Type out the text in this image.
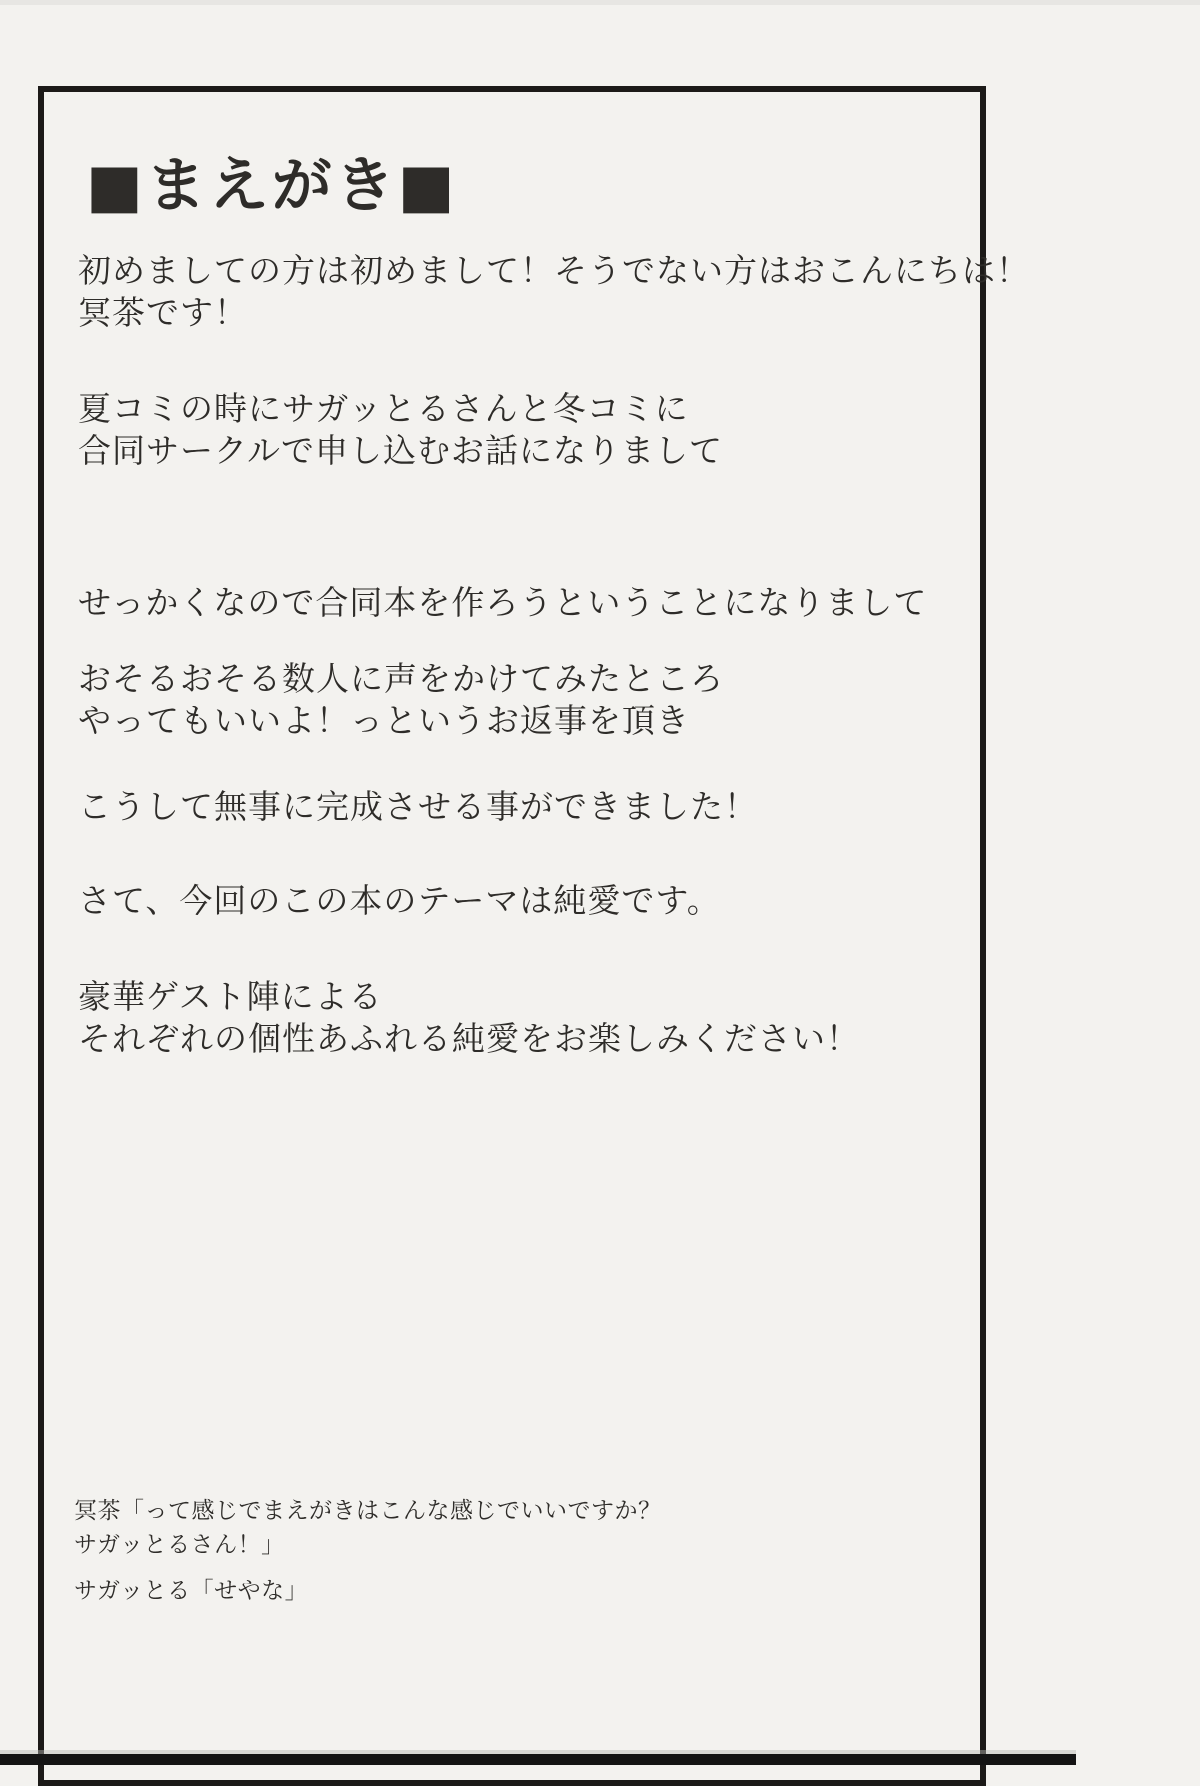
■まえがき■
初めましての方は初めまして！そうでない方はおこんにちは！
冥茶です！
夏コミの時にサガッとるさんと冬コミに
合同サークルで申し込むお話になりまして
せっかくなので合同本を作ろうということになりまして
おそるおそる数人に声をかけてみたところ
やってもいいよ！っというお返事を頂き
こうして無事に完成させる事ができました！
さて、今回のこの本のテーマは純愛です。
豪華ゲスト陣による
それぞれの個性あふれる純愛をお楽しみください！
冥茶「って感じでまえがきはこんな感じでいいですか？
サガッとるさん！」
サガッとる「せやな」
